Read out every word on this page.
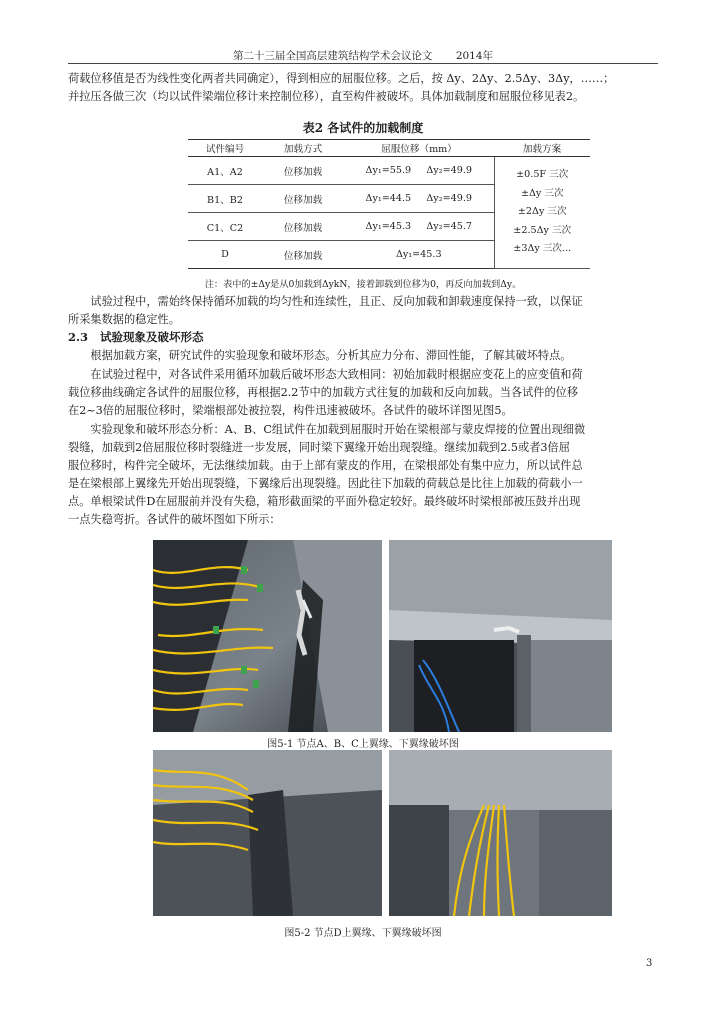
第二十三届全国高层建筑结构学术会议论文 2014年
荷载位移值是否为线性变化两者共同确定），得到相应的屈服位移。之后，按 Δy、2Δy、2.5Δy、3Δy，……；
并拉压各做三次（均以试件梁端位移计来控制位移），直至构件被破坏。具体加载制度和屈服位移见表2。
表2 各试件的加载制度
试件编号	加载方式	屈服位移（mm）	加载方案
A1、A2	位移加载	Δy₁=55.9 Δy₂=49.9	±0.5F 三次
±Δy 三次
±2Δy 三次
±2.5Δy 三次
±3Δy 三次...

B1、B2	位移加载	Δy₁=44.5 Δy₂=49.9	
C1、C2	位移加载	Δy₁=45.3 Δy₂=45.7	
D	位移加载	Δy₁=45.3	
注：表中的±Δy是从0加载到ΔykN，接着卸载到位移为0，再反向加载到Δy。
试验过程中，需始终保持循环加载的均匀性和连续性，且正、反向加载和卸载速度保持一致，以保证
所采集数据的稳定性。
2.3 试验现象及破坏形态
根据加载方案，研究试件的实验现象和破坏形态。分析其应力分布、滞回性能，了解其破坏特点。
在试验过程中，对各试件采用循环加载后破坏形态大致相同：初始加载时根据应变花上的应变值和荷
载位移曲线确定各试件的屈服位移，再根据2.2节中的加载方式往复的加载和反向加载。当各试件的位移
在2~3倍的屈服位移时，梁端根部处被拉裂，构件迅速被破坏。各试件的破坏详图见图5。
实验现象和破坏形态分析：A、B、C组试件在加载到屈服时开始在梁根部与蒙皮焊接的位置出现细微
裂缝，加载到2倍屈服位移时裂缝进一步发展，同时梁下翼缘开始出现裂缝。继续加载到2.5或者3倍屈
服位移时，构件完全破坏，无法继续加载。由于上部有蒙皮的作用，在梁根部处有集中应力，所以试件总
是在梁根部上翼缘先开始出现裂缝，下翼缘后出现裂缝。因此往下加载的荷载总是比往上加载的荷载小一
点。单根梁试件D在屈服前并没有失稳，箱形截面梁的平面外稳定较好。最终破坏时梁根部被压鼓并出现
一点失稳弯折。各试件的破坏图如下所示：
图5-1 节点A、B、C上翼缘、下翼缘破坏图
图5-2 节点D上翼缘、下翼缘破坏图
3
